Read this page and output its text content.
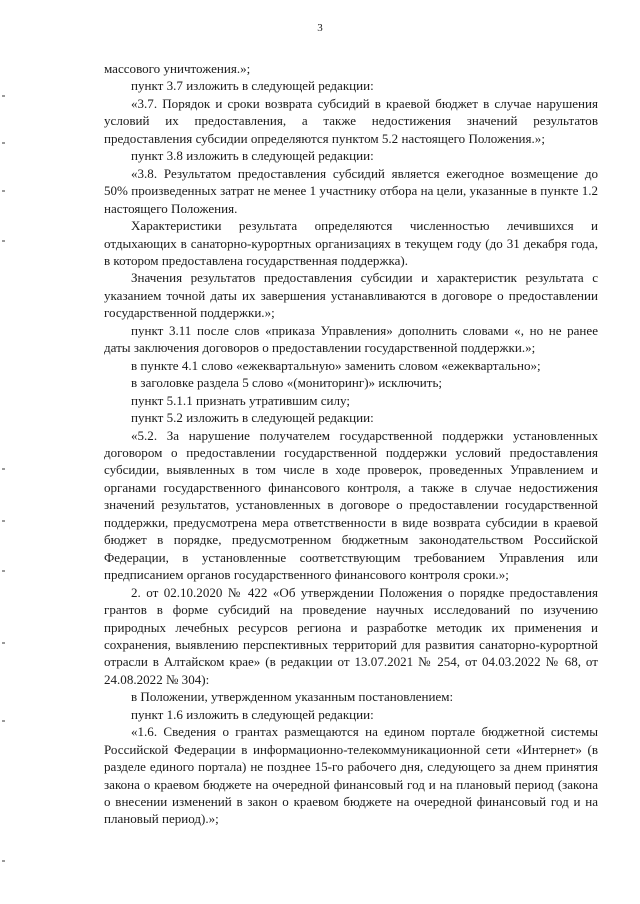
3

массового уничтожения.»;

пункт 3.7 изложить в следующей редакции:

«3.7. Порядок и сроки возврата субсидий в краевой бюджет в случае нарушения условий их предоставления, а также недостижения значений результатов предоставления субсидии определяются пунктом 5.2 настоящего Положения.»;

пункт 3.8 изложить в следующей редакции:

«3.8. Результатом предоставления субсидий является ежегодное возмещение до 50% произведенных затрат не менее 1 участнику отбора на цели, указанные в пункте 1.2 настоящего Положения.

Характеристики результата определяются численностью лечившихся и отдыхающих в санаторно-курортных организациях в текущем году (до 31 декабря года, в котором предоставлена государственная поддержка).

Значения результатов предоставления субсидии и характеристик результата с указанием точной даты их завершения устанавливаются в договоре о предоставлении государственной поддержки.»;

пункт 3.11 после слов «приказа Управления» дополнить словами «, но не ранее даты заключения договоров о предоставлении государственной поддержки.»;

в пункте 4.1 слово «ежеквартальную» заменить словом «ежеквартально»;

в заголовке раздела 5 слово «(мониторинг)» исключить;

пункт 5.1.1 признать утратившим силу;

пункт 5.2 изложить в следующей редакции:

«5.2. За нарушение получателем государственной поддержки установленных договором о предоставлении государственной поддержки условий предоставления субсидии, выявленных в том числе в ходе проверок, проведенных Управлением и органами государственного финансового контроля, а также в случае недостижения значений результатов, установленных в договоре о предоставлении государственной поддержки, предусмотрена мера ответственности в виде возврата субсидии в краевой бюджет в порядке, предусмотренном бюджетным законодательством Российской Федерации, в установленные соответствующим требованием Управления или предписанием органов государственного финансового контроля сроки.»;

2. от 02.10.2020 № 422 «Об утверждении Положения о порядке предоставления грантов в форме субсидий на проведение научных исследований по изучению природных лечебных ресурсов региона и разработке методик их применения и сохранения, выявлению перспективных территорий для развития санаторно-курортной отрасли в Алтайском крае» (в редакции от 13.07.2021 № 254, от 04.03.2022 № 68, от 24.08.2022 № 304):

в Положении, утвержденном указанным постановлением:

пункт 1.6 изложить в следующей редакции:

«1.6. Сведения о грантах размещаются на едином портале бюджетной системы Российской Федерации в информационно-телекоммуникационной сети «Интернет» (в разделе единого портала) не позднее 15-го рабочего дня, следующего за днем принятия закона о краевом бюджете на очередной финансовый год и на плановый период (закона о внесении изменений в закон о краевом бюджете на очередной финансовый год и на плановый период).»;
